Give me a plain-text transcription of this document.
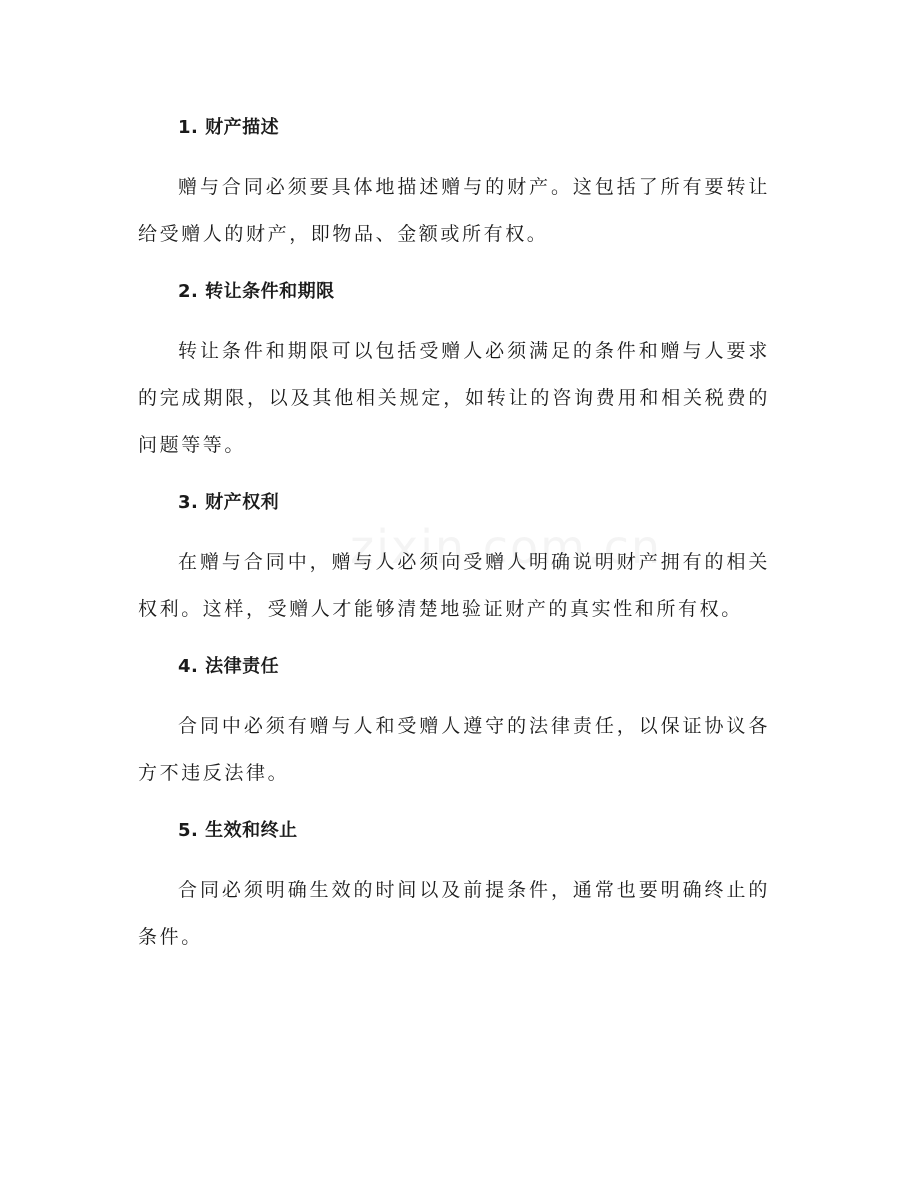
1. 财产描述
赠与合同必须要具体地描述赠与的财产。这包括了所有要转让给受赠人的财产，即物品、金额或所有权。
2. 转让条件和期限
转让条件和期限可以包括受赠人必须满足的条件和赠与人要求的完成期限，以及其他相关规定，如转让的咨询费用和相关税费的问题等等。
3. 财产权利
在赠与合同中，赠与人必须向受赠人明确说明财产拥有的相关权利。这样，受赠人才能够清楚地验证财产的真实性和所有权。
4. 法律责任
合同中必须有赠与人和受赠人遵守的法律责任，以保证协议各方不违反法律。
5. 生效和终止
合同必须明确生效的时间以及前提条件，通常也要明确终止的条件。
